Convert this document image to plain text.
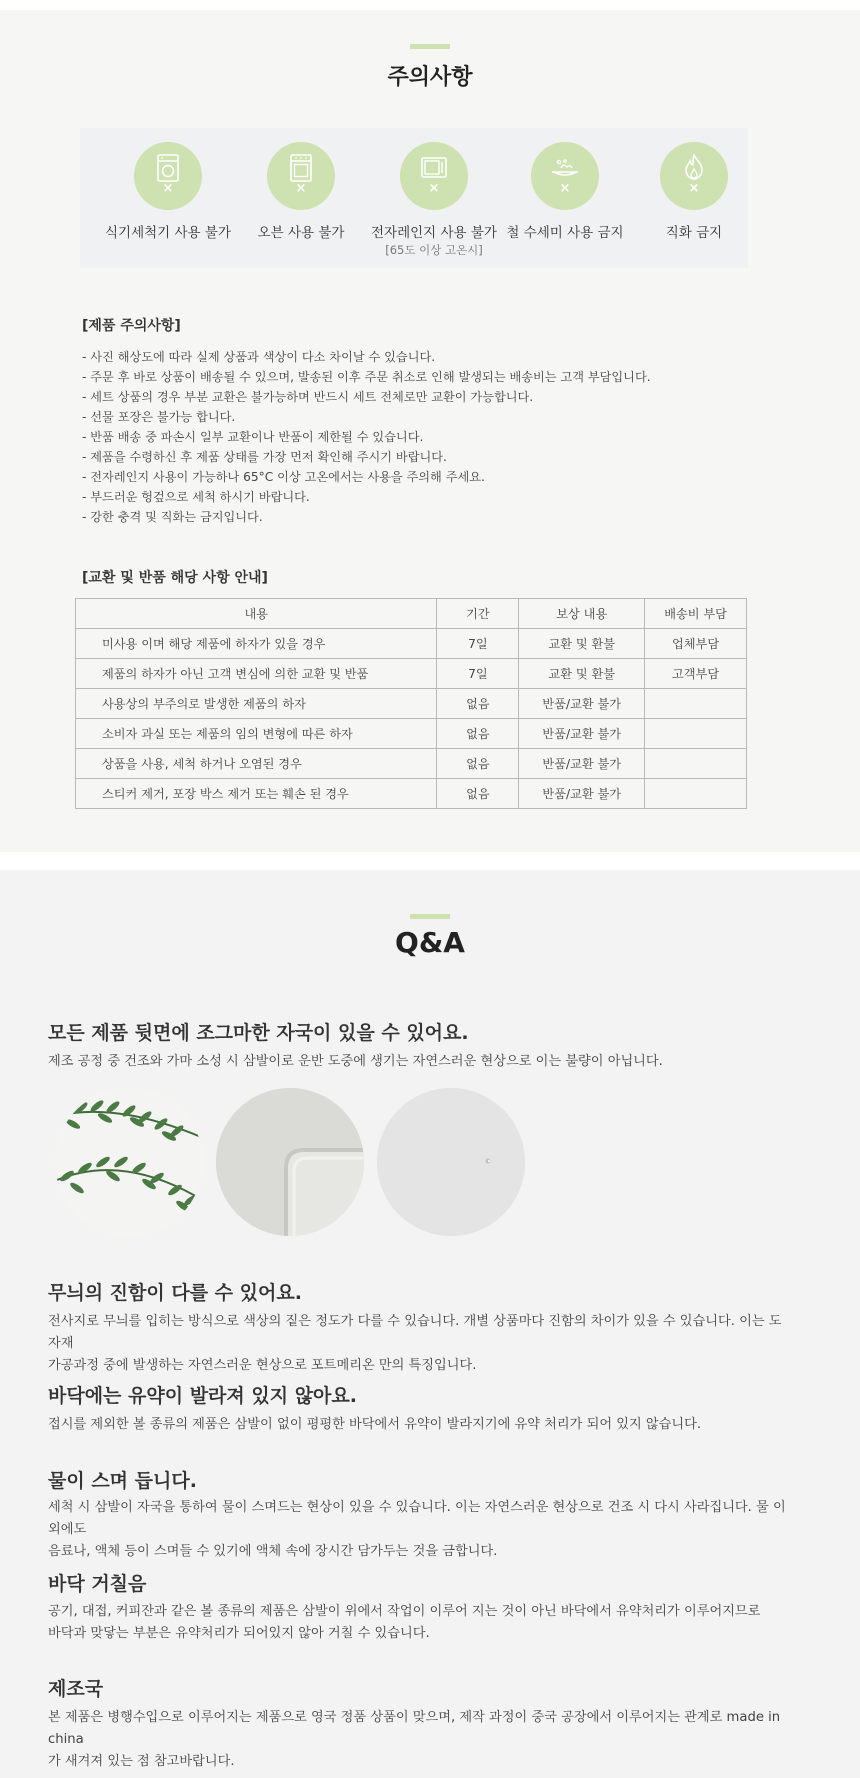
주의사항
×
식기세척기 사용 불가
×
오븐 사용 불가
×
전자레인지 사용 불가
[65도 이상 고온시]
×
철 수세미 사용 금지
×
직화 금지
[제품 주의사항]
- 사진 해상도에 따라 실제 상품과 색상이 다소 차이날 수 있습니다.
- 주문 후 바로 상품이 배송될 수 있으며, 발송된 이후 주문 취소로 인해 발생되는 배송비는 고객 부담입니다.
- 세트 상품의 경우 부분 교환은 불가능하며 반드시 세트 전체로만 교환이 가능합니다.
- 선물 포장은 불가능 합니다.
- 반품 배송 중 파손시 일부 교환이나 반품이 제한될 수 있습니다.
- 제품을 수령하신 후 제품 상태를 가장 먼저 확인해 주시기 바랍니다.
- 전자레인지 사용이 가능하나 65°C 이상 고온에서는 사용을 주의해 주세요.
- 부드러운 헝겊으로 세척 하시기 바랍니다.
- 강한 충격 및 직화는 금지입니다.
[교환 및 반품 해당 사항 안내]
내용	기간	보상 내용	배송비 부담
미사용 이며 해당 제품에 하자가 있을 경우	7일	교환 및 환불	업체부담
제품의 하자가 아닌 고객 변심에 의한 교환 및 반품	7일	교환 및 환불	고객부담
사용상의 부주의로 발생한 제품의 하자	없음	반품/교환 불가	
소비자 과실 또는 제품의 임의 변형에 따른 하자	없음	반품/교환 불가	
상품을 사용, 세척 하거나 오염된 경우	없음	반품/교환 불가	
스티커 제거, 포장 박스 제거 또는 훼손 된 경우	없음	반품/교환 불가	
Q&A
모든 제품 뒷면에 조그마한 자국이 있을 수 있어요.
제조 공정 중 건조와 가마 소성 시 삼발이로 운반 도중에 생기는 자연스러운 현상으로 이는 불량이 아닙니다.
무늬의 진함이 다를 수 있어요.
전사지로 무늬를 입히는 방식으로 색상의 짙은 정도가 다를 수 있습니다. 개별 상품마다 진함의 차이가 있을 수 있습니다. 이는 도자재
가공과정 중에 발생하는 자연스러운 현상으로 포트메리온 만의 특징입니다.
바닥에는 유약이 발라져 있지 않아요.
접시를 제외한 볼 종류의 제품은 삼발이 없이 평평한 바닥에서 유약이 발라지기에 유약 처리가 되어 있지 않습니다.
물이 스며 듭니다.
세척 시 삼발이 자국을 통하여 물이 스며드는 현상이 있을 수 있습니다. 이는 자연스러운 현상으로 건조 시 다시 사라집니다. 물 이외에도
음료나, 액체 등이 스며들 수 있기에 액체 속에 장시간 담가두는 것을 금합니다.
바닥 거칠음
공기, 대접, 커피잔과 같은 볼 종류의 제품은 삼발이 위에서 작업이 이루어 지는 것이 아닌 바닥에서 유약처리가 이루어지므로
바닥과 맞닿는 부분은 유약처리가 되어있지 않아 거칠 수 있습니다.
제조국
본 제품은 병행수입으로 이루어지는 제품으로 영국 정품 상품이 맞으며, 제작 과정이 중국 공장에서 이루어지는 관계로 made in china
가 새겨져 있는 점 참고바랍니다.
